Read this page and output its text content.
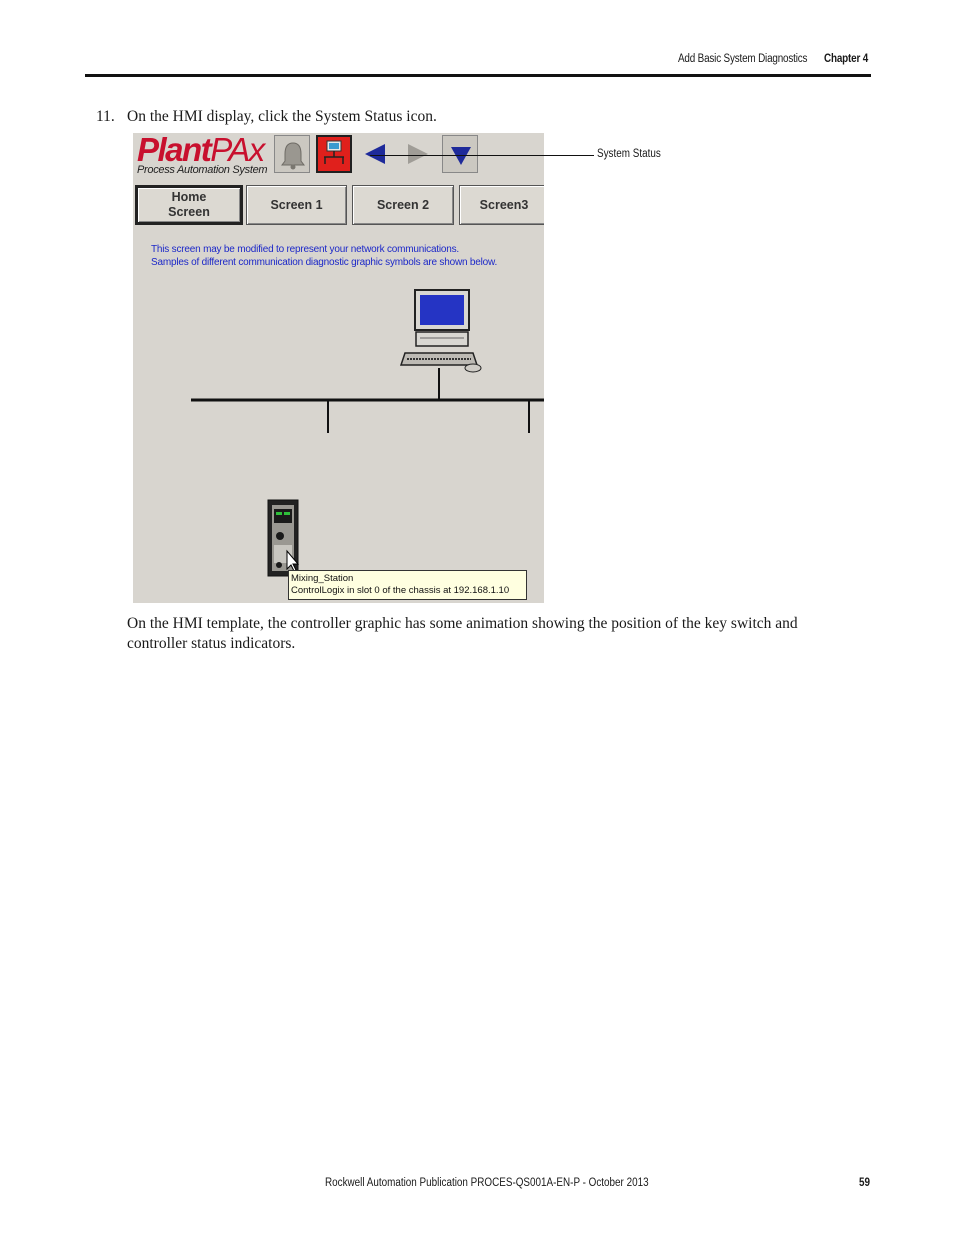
Add Basic System Diagnostics Chapter 4
11. On the HMI display, click the System Status icon.
PlantPAx
Process Automation System
Home
Screen
Screen 1	Screen 2	Screen3
This screen may be modified to represent your network communications.
Samples of different communication diagnostic graphic symbols are shown below.
Mixing_Station
ControlLogix in slot 0 of the chassis at 192.168.1.10
System Status
On the HMI template, the controller graphic has some animation showing the position of the key switch and controller status indicators.
Rockwell Automation Publication PROCES-QS001A-EN-P - October 2013	59
